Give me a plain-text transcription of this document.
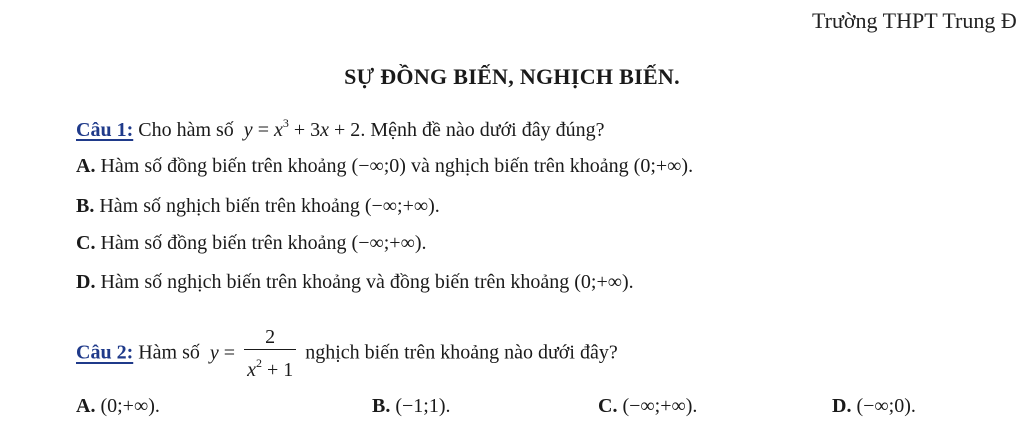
Trường THPT Trung Đ
SỰ ĐỒNG BIẾN, NGHỊCH BIẾN.
Câu 1: Cho hàm số $y = x^3 + 3x + 2$. Mệnh đề nào dưới đây đúng?
A. Hàm số đồng biến trên khoảng (−∞;0) và nghịch biến trên khoảng (0;+∞).
B. Hàm số nghịch biến trên khoảng (−∞;+∞).
C. Hàm số đồng biến trên khoảng (−∞;+∞).
D. Hàm số nghịch biến trên khoảng và đồng biến trên khoảng (0;+∞).
Câu 2: Hàm số $y = \frac{2}{x^2 + 1}$ nghịch biến trên khoảng nào dưới đây?
A. (0;+∞).	B. (−1;1).	C. (−∞;+∞).	D. (−∞;0).
